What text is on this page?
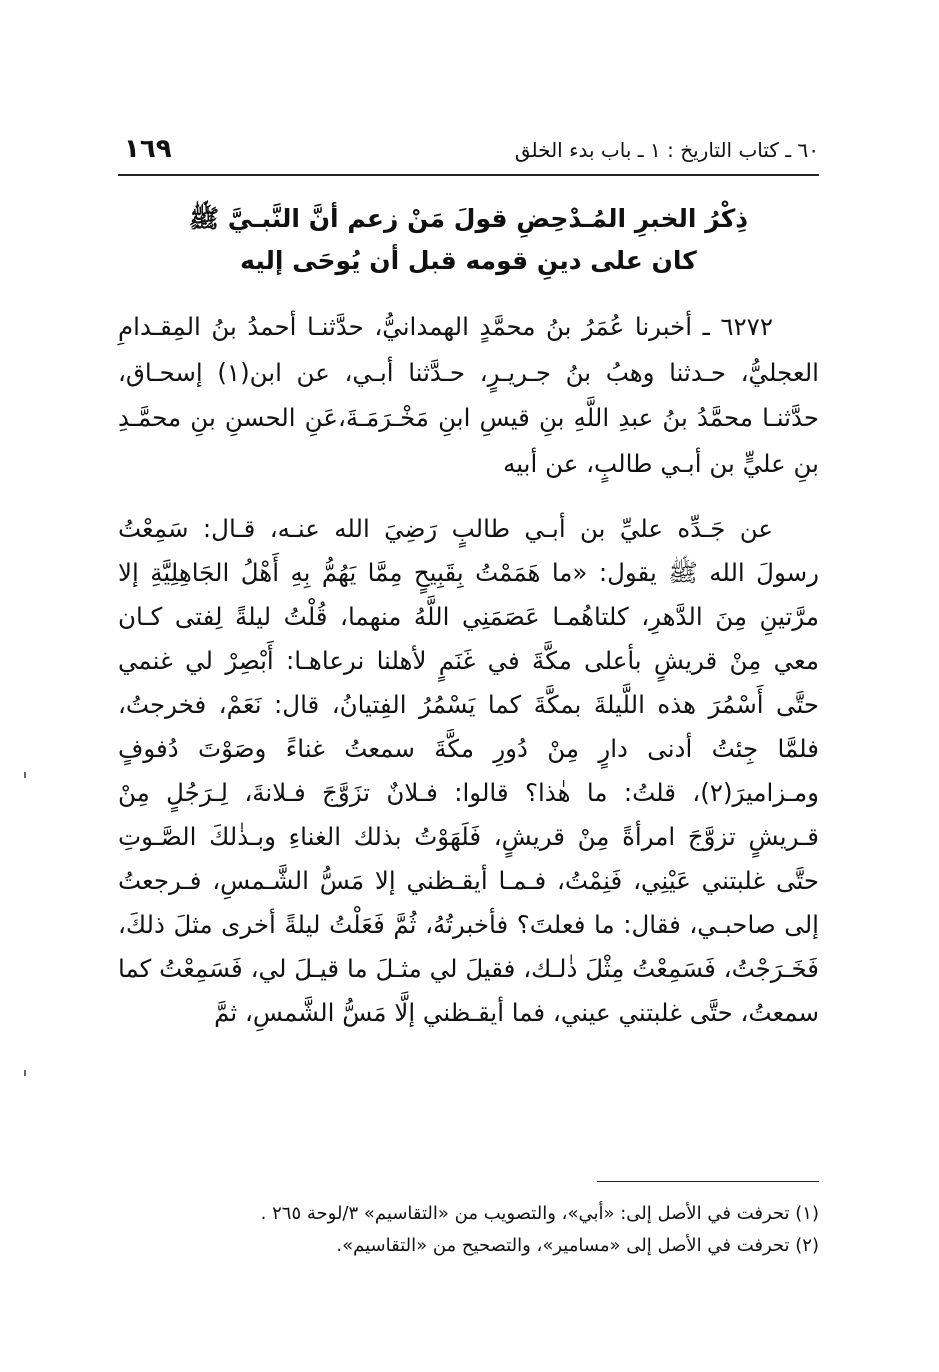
٦٠ ـ كتاب التاريخ : ١ ـ باب بدء الخلق
١٦٩
ذِكْرُ الخبرِ المُـدْحِضِ قولَ مَنْ زعم أنَّ النَّبـيَّ ﷺ
كان على دينِ قومه قبل أن يُوحَى إليه

٦٢٧٢ ـ أخبرنا عُمَرُ بنُ محمَّدٍ الهمدانيُّ، حدَّثنـا أحمدُ بنُ المِقـدامِ العجليُّ، حـدثنا وهبُ بنُ جـريـرٍ، حـدَّثنا أبـي، عن ابن(١) إسحـاق، حدَّثنـا محمَّدُ بنُ عبدِ اللَّهِ بنِ قيسِ ابنِ مَخْـرَمَـةَ،عَنِ الحسنِ بنِ محمَّـدِ بنِ عليٍّ بن أبـي طالبٍ، عن أبيه

عن جَـدِّه عليِّ بن أبـي طالبٍ رَضِيَ الله عنـه، قـال: سَمِعْتُ رسولَ الله ﷺ يقول: «ما هَمَمْتُ بِقَبِيحٍ مِمَّا يَهُمُّ بِهِ أَهْلُ الجَاهِلِيَّةِ إلا مرَّتينِ مِنَ الدَّهرِ، كلتاهُمـا عَصَمَنِي اللَّهُ منهما، قُلْتُ ليلةً لِفتى كـان معي مِنْ قريشٍ بأعلى مكَّةَ في غَنَمٍ لأهلنا نرعاهـا: أَبْصِرْ لي غنمي حتَّى أَسْمُرَ هذه اللَّيلةَ بمكَّةَ كما يَسْمُرُ الفِتيانُ، قال: نَعَمْ، فخرجتُ، فلمَّا جِئتُ أدنى دارٍ مِنْ دُورِ مكَّةَ سمعتُ غناءً وصَوْتَ دُفوفٍ ومـزاميرَ(٢)، قلتُ: ما هٰذا؟ قالوا: فـلانٌ تزَوَّجَ فـلانةَ، لِـرَجُلٍ مِنْ قـريشٍ تزوَّجَ امرأةً مِنْ قريشٍ، فَلَهَوْتُ بذلك الغناءِ وبـذٰلكَ الصَّـوتِ حتَّى غلبتني عَيْنِي، فَنِمْتُ، فـمـا أيقـظني إلا مَسُّ الشَّـمسِ، فـرجعتُ إلى صاحبـي، فقال: ما فعلتَ؟ فأخبرتُهُ، ثُمَّ فَعَلْتُ ليلةً أخرى مثلَ ذلكَ، فَخَـرَجْتُ، فَسَمِعْتُ مِثْلَ ذٰلـك، فقيلَ لي مثـلَ ما قيـلَ لي، فَسَمِعْتُ كما سمعتُ، حتَّى غلبتني عيني، فما أيقـظني إلَّا مَسُّ الشَّمسِ، ثمَّ

(١) تحرفت في الأصل إلى: «أبي»، والتصويب من «التقاسيم» ٣/لوحة ٢٦٥ .
(٢) تحرفت في الأصل إلى «مسامير»، والتصحيح من «التقاسيم».
